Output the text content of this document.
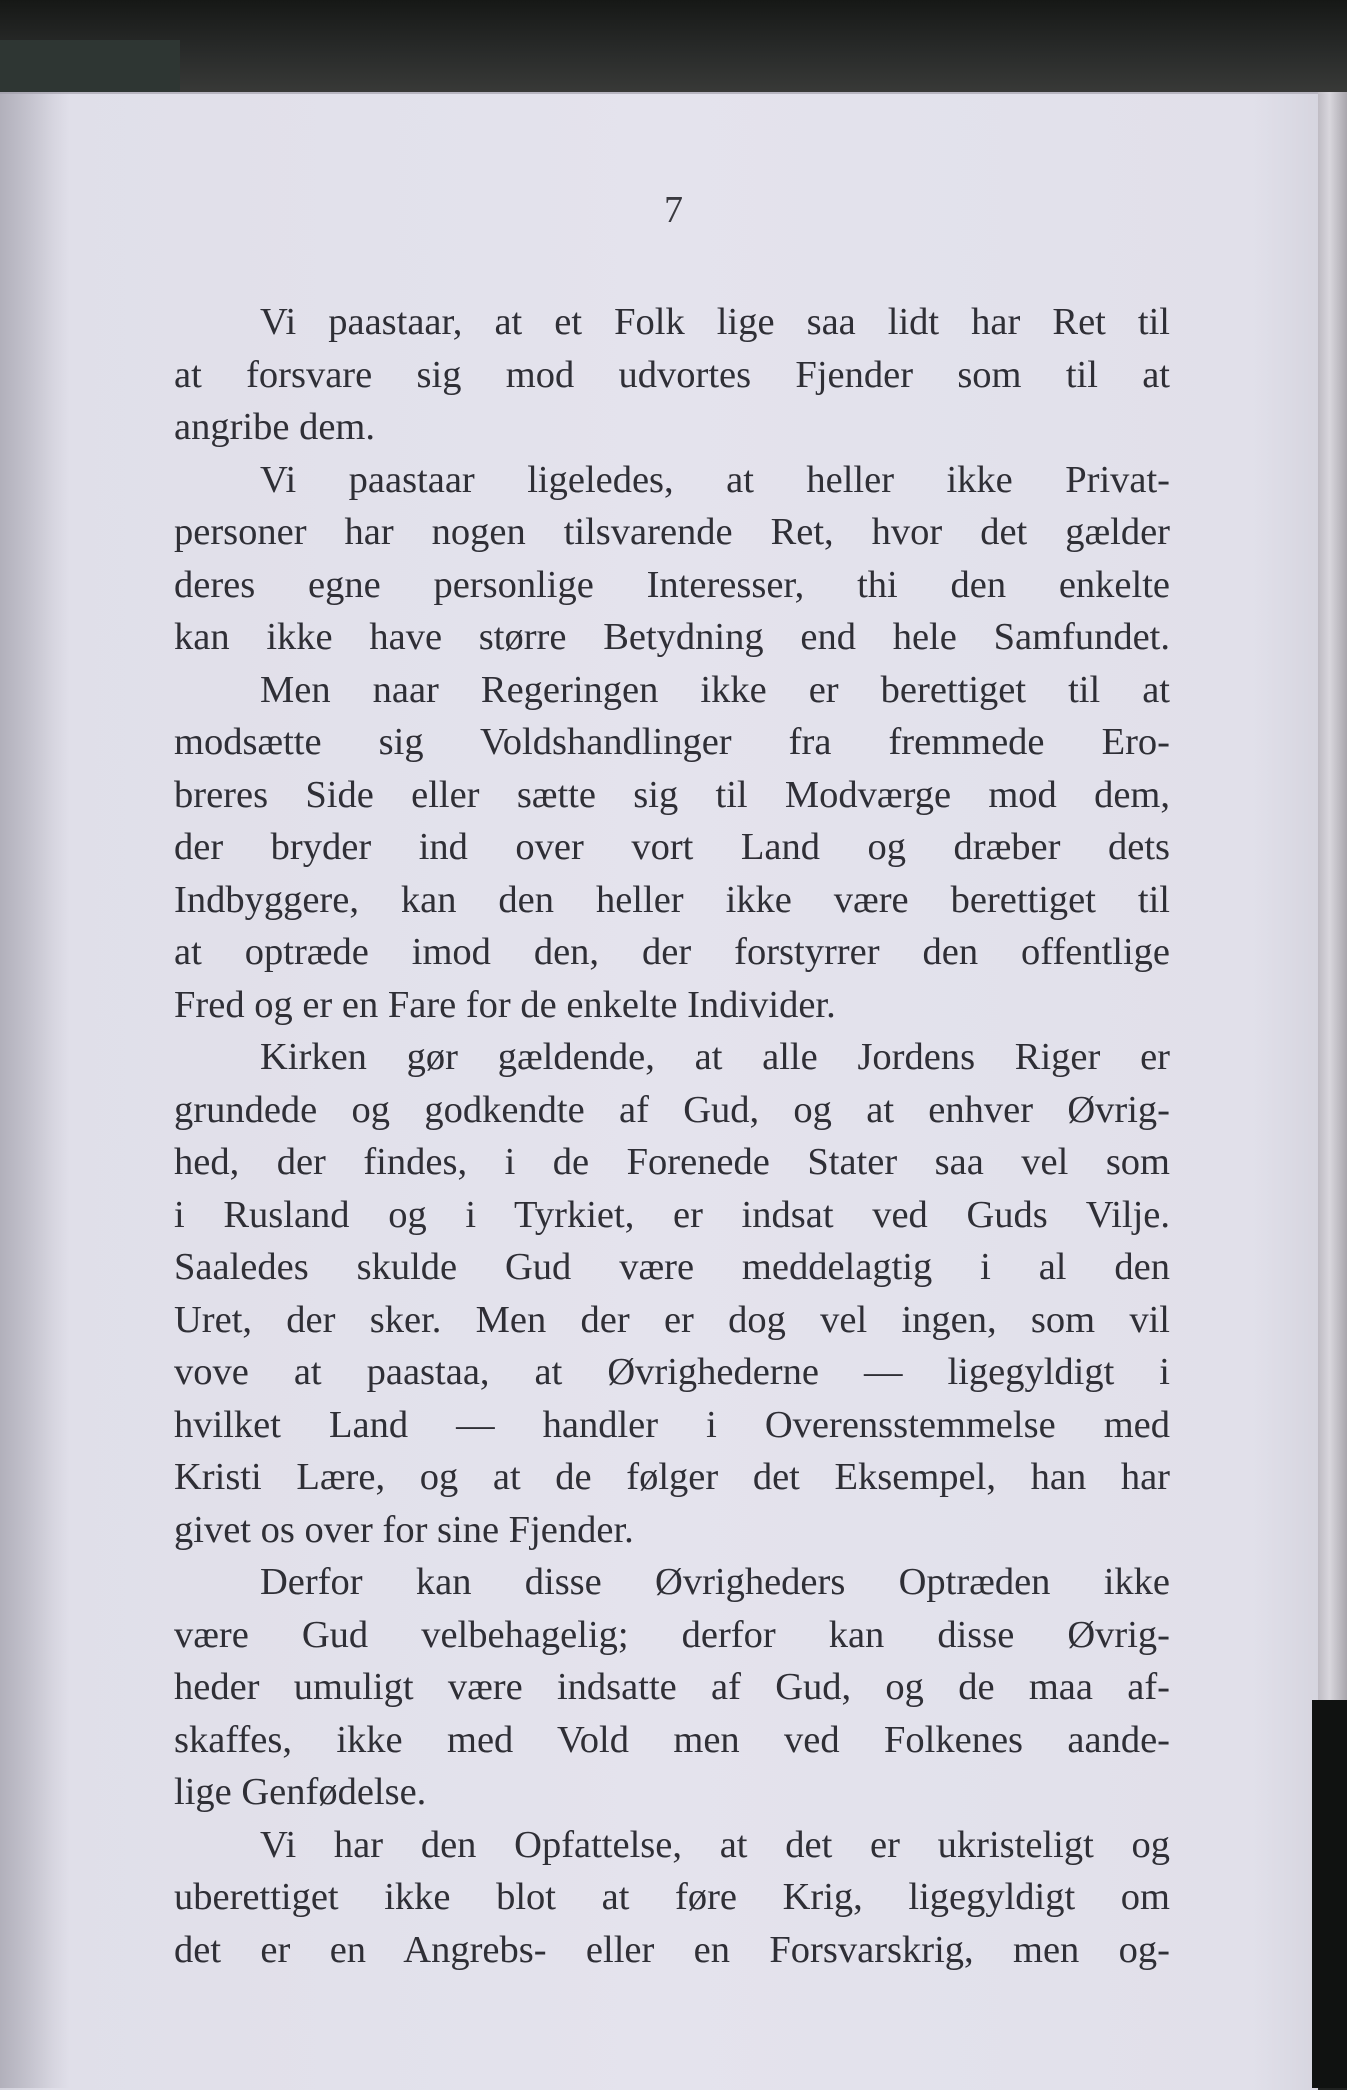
7
Vi paastaar, at et Folk lige saa lidt har Ret til
at forsvare sig mod udvortes Fjender som til at
angribe dem.
Vi paastaar ligeledes, at heller ikke Privat-
personer har nogen tilsvarende Ret, hvor det gælder
deres egne personlige Interesser, thi den enkelte
kan ikke have større Betydning end hele Samfundet.
Men naar Regeringen ikke er berettiget til at
modsætte sig Voldshandlinger fra fremmede Ero-
breres Side eller sætte sig til Modværge mod dem,
der bryder ind over vort Land og dræber dets
Indbyggere, kan den heller ikke være berettiget til
at optræde imod den, der forstyrrer den offentlige
Fred og er en Fare for de enkelte Individer.
Kirken gør gældende, at alle Jordens Riger er
grundede og godkendte af Gud, og at enhver Øvrig-
hed, der findes, i de Forenede Stater saa vel som
i Rusland og i Tyrkiet, er indsat ved Guds Vilje.
Saaledes skulde Gud være meddelagtig i al den
Uret, der sker. Men der er dog vel ingen, som vil
vove at paastaa, at Øvrighederne — ligegyldigt i
hvilket Land — handler i Overensstemmelse med
Kristi Lære, og at de følger det Eksempel, han har
givet os over for sine Fjender.
Derfor kan disse Øvrigheders Optræden ikke
være Gud velbehagelig; derfor kan disse Øvrig-
heder umuligt være indsatte af Gud, og de maa af-
skaffes, ikke med Vold men ved Folkenes aande-
lige Genfødelse.
Vi har den Opfattelse, at det er ukristeligt og
uberettiget ikke blot at føre Krig, ligegyldigt om
det er en Angrebs- eller en Forsvarskrig, men og-
